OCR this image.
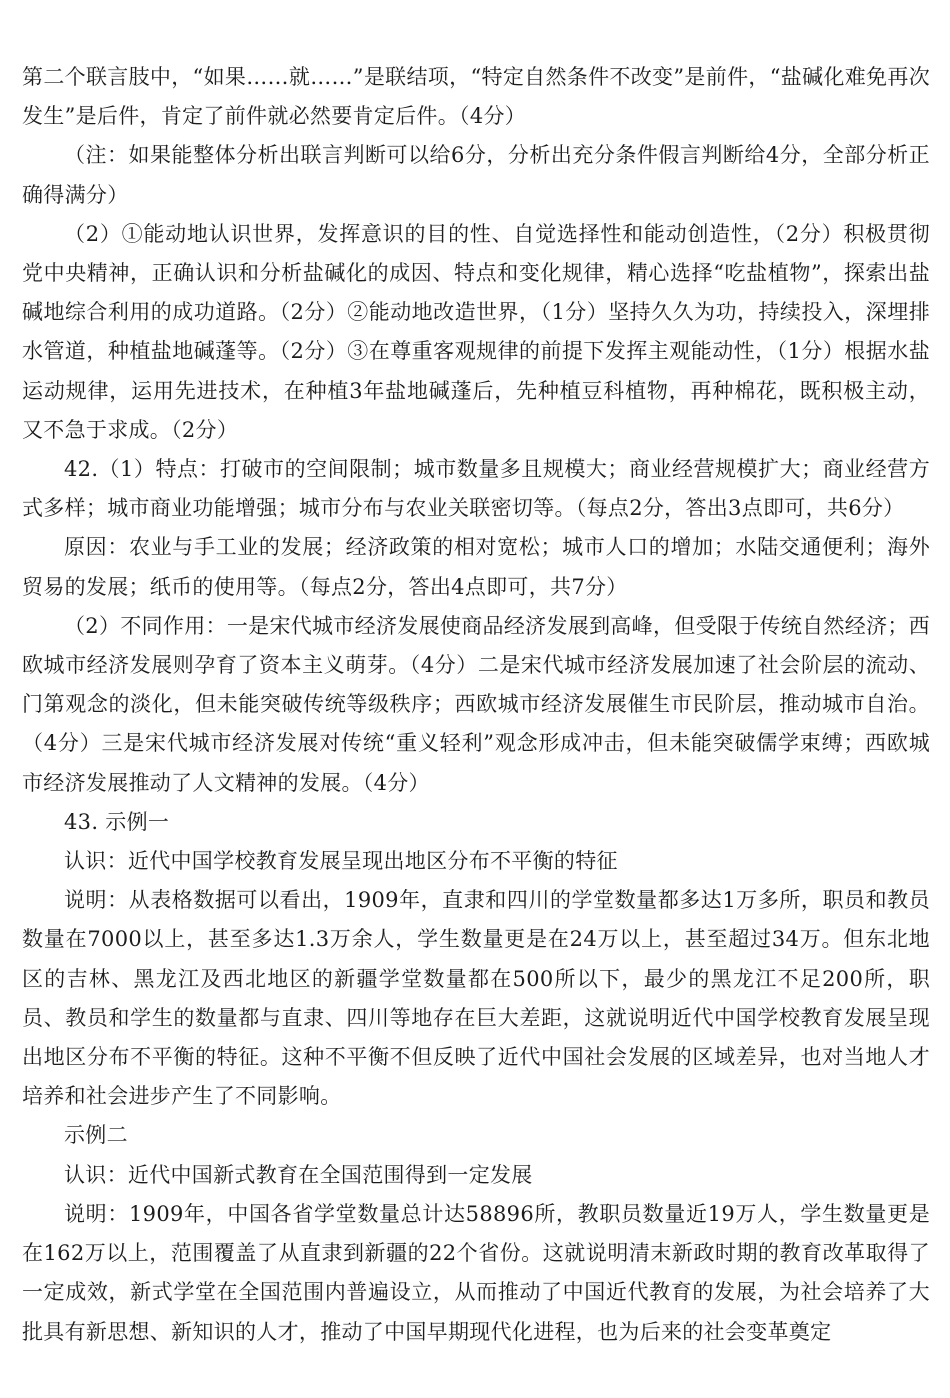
第二个联言肢中，“如果……就……”是联结项，“特定自然条件不改变”是前件，“盐碱化难免再次发生”是后件，肯定了前件就必然要肯定后件。（4分）

（注：如果能整体分析出联言判断可以给6分，分析出充分条件假言判断给4分，全部分析正确得满分）

（2）①能动地认识世界，发挥意识的目的性、自觉选择性和能动创造性，（2分）积极贯彻党中央精神，正确认识和分析盐碱化的成因、特点和变化规律，精心选择“吃盐植物”，探索出盐碱地综合利用的成功道路。（2分）②能动地改造世界，（1分）坚持久久为功，持续投入，深埋排水管道，种植盐地碱蓬等。（2分）③在尊重客观规律的前提下发挥主观能动性，（1分）根据水盐运动规律，运用先进技术，在种植3年盐地碱蓬后，先种植豆科植物，再种棉花，既积极主动，又不急于求成。（2分）

42.（1）特点：打破市的空间限制；城市数量多且规模大；商业经营规模扩大；商业经营方式多样；城市商业功能增强；城市分布与农业关联密切等。（每点2分，答出3点即可，共6分）

原因：农业与手工业的发展；经济政策的相对宽松；城市人口的增加；水陆交通便利；海外贸易的发展；纸币的使用等。（每点2分，答出4点即可，共7分）

（2）不同作用：一是宋代城市经济发展使商品经济发展到高峰，但受限于传统自然经济；西欧城市经济发展则孕育了资本主义萌芽。（4分）二是宋代城市经济发展加速了社会阶层的流动、门第观念的淡化，但未能突破传统等级秩序；西欧城市经济发展催生市民阶层，推动城市自治。（4分）三是宋代城市经济发展对传统“重义轻利”观念形成冲击，但未能突破儒学束缚；西欧城市经济发展推动了人文精神的发展。（4分）

43. 示例一

认识：近代中国学校教育发展呈现出地区分布不平衡的特征

说明：从表格数据可以看出，1909年，直隶和四川的学堂数量都多达1万多所，职员和教员数量在7000以上，甚至多达1.3万余人，学生数量更是在24万以上，甚至超过34万。但东北地区的吉林、黑龙江及西北地区的新疆学堂数量都在500所以下，最少的黑龙江不足200所，职员、教员和学生的数量都与直隶、四川等地存在巨大差距，这就说明近代中国学校教育发展呈现出地区分布不平衡的特征。这种不平衡不但反映了近代中国社会发展的区域差异，也对当地人才培养和社会进步产生了不同影响。

示例二

认识：近代中国新式教育在全国范围得到一定发展

说明：1909年，中国各省学堂数量总计达58896所，教职员数量近19万人，学生数量更是在162万以上，范围覆盖了从直隶到新疆的22个省份。这就说明清末新政时期的教育改革取得了一定成效，新式学堂在全国范围内普遍设立，从而推动了中国近代教育的发展，为社会培养了大批具有新思想、新知识的人才，推动了中国早期现代化进程，也为后来的社会变革奠定
